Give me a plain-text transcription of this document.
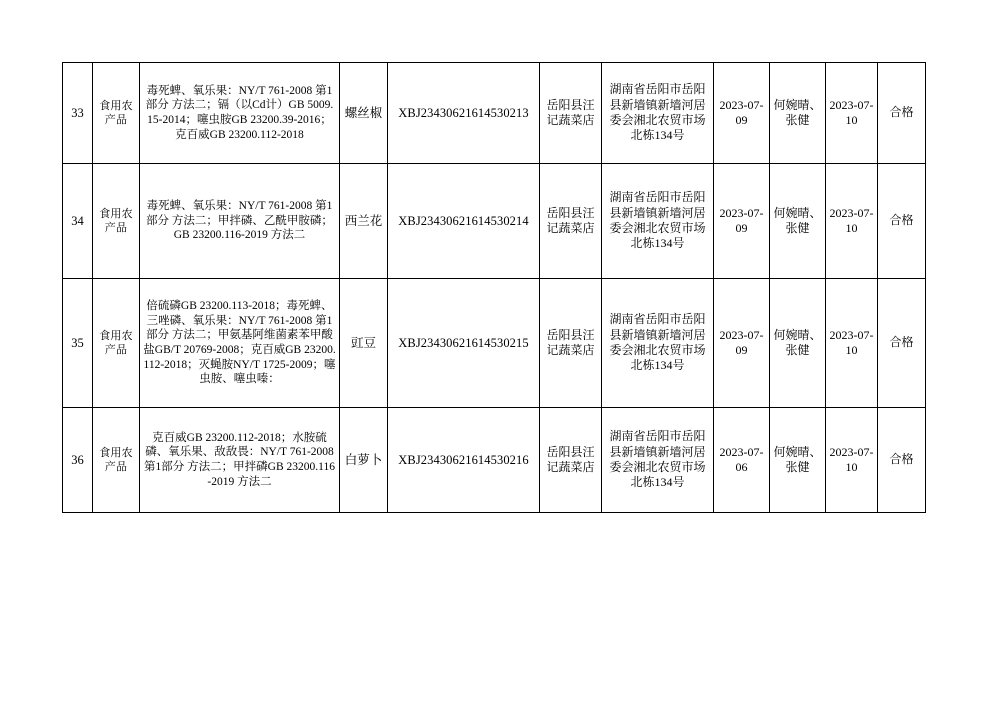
33	食用农产品	毒死蜱、氧乐果：NY/T 761-2008 第1部分 方法二；镉（以Cd计）GB 5009.15-2014；噻虫胺GB 23200.39-2016；克百威GB 23200.112-2018	螺丝椒	XBJ23430621614530213	岳阳县汪记蔬菜店	湖南省岳阳市岳阳县新墙镇新墙河居委会湘北农贸市场北栋134号	2023-07-09	何婉晴、张健	2023-07-10	合格
34	食用农产品	毒死蜱、氧乐果：NY/T 761-2008 第1部分 方法二；甲拌磷、乙酰甲胺磷；GB 23200.116-2019 方法二	西兰花	XBJ23430621614530214	岳阳县汪记蔬菜店	湖南省岳阳市岳阳县新墙镇新墙河居委会湘北农贸市场北栋134号	2023-07-09	何婉晴、张健	2023-07-10	合格
35	食用农产品	倍硫磷GB 23200.113-2018；毒死蜱、三唑磷、氧乐果：NY/T 761-2008 第1部分 方法二；甲氨基阿维菌素苯甲酸盐GB/T 20769-2008；克百威GB 23200.112-2018；灭蝇胺NY/T 1725-2009；噻虫胺、噻虫嗪：	豇豆	XBJ23430621614530215	岳阳县汪记蔬菜店	湖南省岳阳市岳阳县新墙镇新墙河居委会湘北农贸市场北栋134号	2023-07-09	何婉晴、张健	2023-07-10	合格
36	食用农产品	克百威GB 23200.112-2018；水胺硫磷、氧乐果、敌敌畏：NY/T 761-2008 第1部分 方法二；甲拌磷GB 23200.116-2019 方法二	白萝卜	XBJ23430621614530216	岳阳县汪记蔬菜店	湖南省岳阳市岳阳县新墙镇新墙河居委会湘北农贸市场北栋134号	2023-07-06	何婉晴、张健	2023-07-10	合格
